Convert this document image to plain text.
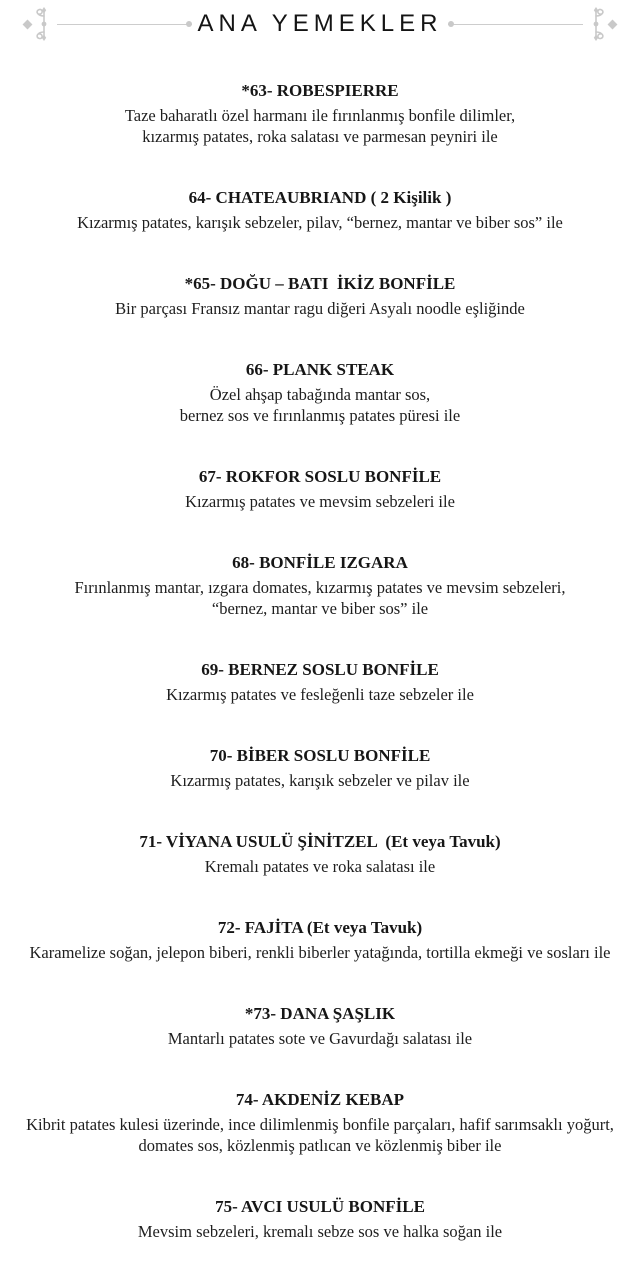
ANA YEMEKLER
*63- ROBESPIERRE
Taze baharatlı özel harmanı ile fırınlanmış bonfile dilimler,
kızarmış patates, roka salatası ve parmesan peyniri ile
64- CHATEAUBRIAND ( 2 Kişilik )
Kızarmış patates, karışık sebzeler, pilav, “bernez, mantar ve biber sos” ile
*65- DOĞU – BATI  İKİZ BONFİLE
Bir parçası Fransız mantar ragu diğeri Asyalı noodle eşliğinde
66- PLANK STEAK
Özel ahşap tabağında mantar sos,
bernez sos ve fırınlanmış patates püresi ile
67- ROKFOR SOSLU BONFİLE
Kızarmış patates ve mevsim sebzeleri ile
68- BONFİLE IZGARA
Fırınlanmış mantar, ızgara domates, kızarmış patates ve mevsim sebzeleri,
“bernez, mantar ve biber sos” ile
69- BERNEZ SOSLU BONFİLE
Kızarmış patates ve fesleğenli taze sebzeler ile
70- BİBER SOSLU BONFİLE
Kızarmış patates, karışık sebzeler ve pilav ile
71- VİYANA USULÜ ŞİNİTZEL  (Et veya Tavuk)
Kremalı patates ve roka salatası ile
72- FAJİTA (Et veya Tavuk)
Karamelize soğan, jelepon biberi, renkli biberler yatağında, tortilla ekmeği ve sosları ile
*73- DANA ŞAŞLIK
Mantarlı patates sote ve Gavurdağı salatası ile
74- AKDENİZ KEBAP
Kibrit patates kulesi üzerinde, ince dilimlenmiş bonfile parçaları, hafif sarımsaklı yoğurt,
domates sos, közlenmiş patlıcan ve közlenmiş biber ile
75- AVCI USULÜ BONFİLE
Mevsim sebzeleri, kremalı sebze sos ve halka soğan ile
